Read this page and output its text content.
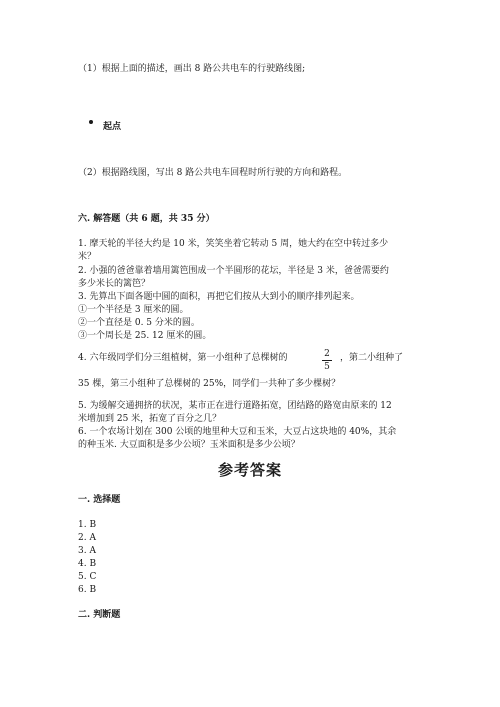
（1）根据上面的描述，画出 8 路公共电车的行驶路线图;
起点
（2）根据路线图，写出 8 路公共电车回程时所行驶的方向和路程。
六. 解答题（共 6 题，共 35 分）
1. 摩天轮的半径大约是 10 米，笑笑坐着它转动 5 周，她大约在空中转过多少
米？
2. 小强的爸爸靠着墙用篱笆围成一个半圆形的花坛，半径是 3 米，爸爸需要约
多少米长的篱笆？
3. 先算出下面各题中圆的面积，再把它们按从大到小的顺序排列起来。
①一个半径是 3 厘米的圆。
②一个直径是 0. 5 分米的圆。
③一个周长是 25. 12 厘米的圆。
4. 六年级同学们分三组植树，第一小组种了总棵树的	2
5
，第二小组种了
35 棵，第三小组种了总棵树的 25%，同学们一共种了多少棵树？
5. 为缓解交通拥挤的状况，某市正在进行道路拓宽，团结路的路宽由原来的 12
米增加到 25 米，拓宽了百分之几？
6. 一个农场计划在 300 公顷的地里种大豆和玉米，大豆占这块地的 40%，其余
的种玉米. 大豆面积是多少公顷？玉米面积是多少公顷？
参考答案
一. 选择题
1. B
2. A
3. A
4. B
5. C
6. B
二. 判断题
